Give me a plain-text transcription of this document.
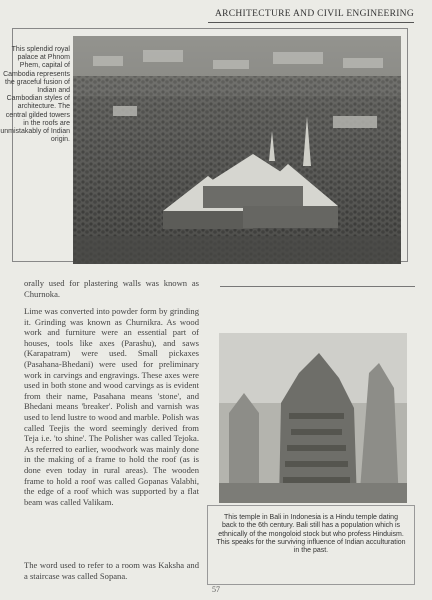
ARCHITECTURE AND CIVIL ENGINEERING
This splendid royal palace at Phnom Phem, capital of Cambodia represents the graceful fusion of Indian and Cambodian styles of architecture. The central gilded towers in the roofs are unmistakably of Indian origin.

orally used for plastering walls was known as Churnoka.

Lime was converted into powder form by grinding it. Grinding was known as Churnikra. As wood work and furniture were an essential part of houses, tools like axes (Parashu), and saws (Karapatram) were used. Small pickaxes (Pasahana-Bhedani) were used for preliminary work in carvings and engravings. These axes were used in both stone and wood carvings as is evident from their name, Pasahana means 'stone', and Bhedani means 'breaker'. Polish and varnish was used to lend lustre to wood and marble. Polish was called Teejis the word seemingly derived from Teja i.e. 'to shine'. The Polisher was called Tejoka. As referred to earlier, woodwork was mainly done in the making of a frame to hold the roof (as is done even today in rural areas). The wooden frame to hold a roof was called Gopanas Valabhi, the edge of a roof which was supported by a flat beam was called Valikam.

The word used to refer to a room was Kaksha and a staircase was called Sopana.

This temple in Bali in Indonesia is a Hindu temple dating back to the 6th century. Bali still has a population which is ethnically of the mongoloid stock but who profess Hinduism. This speaks for the surviving influence of Indian acculturation in the past.
57
